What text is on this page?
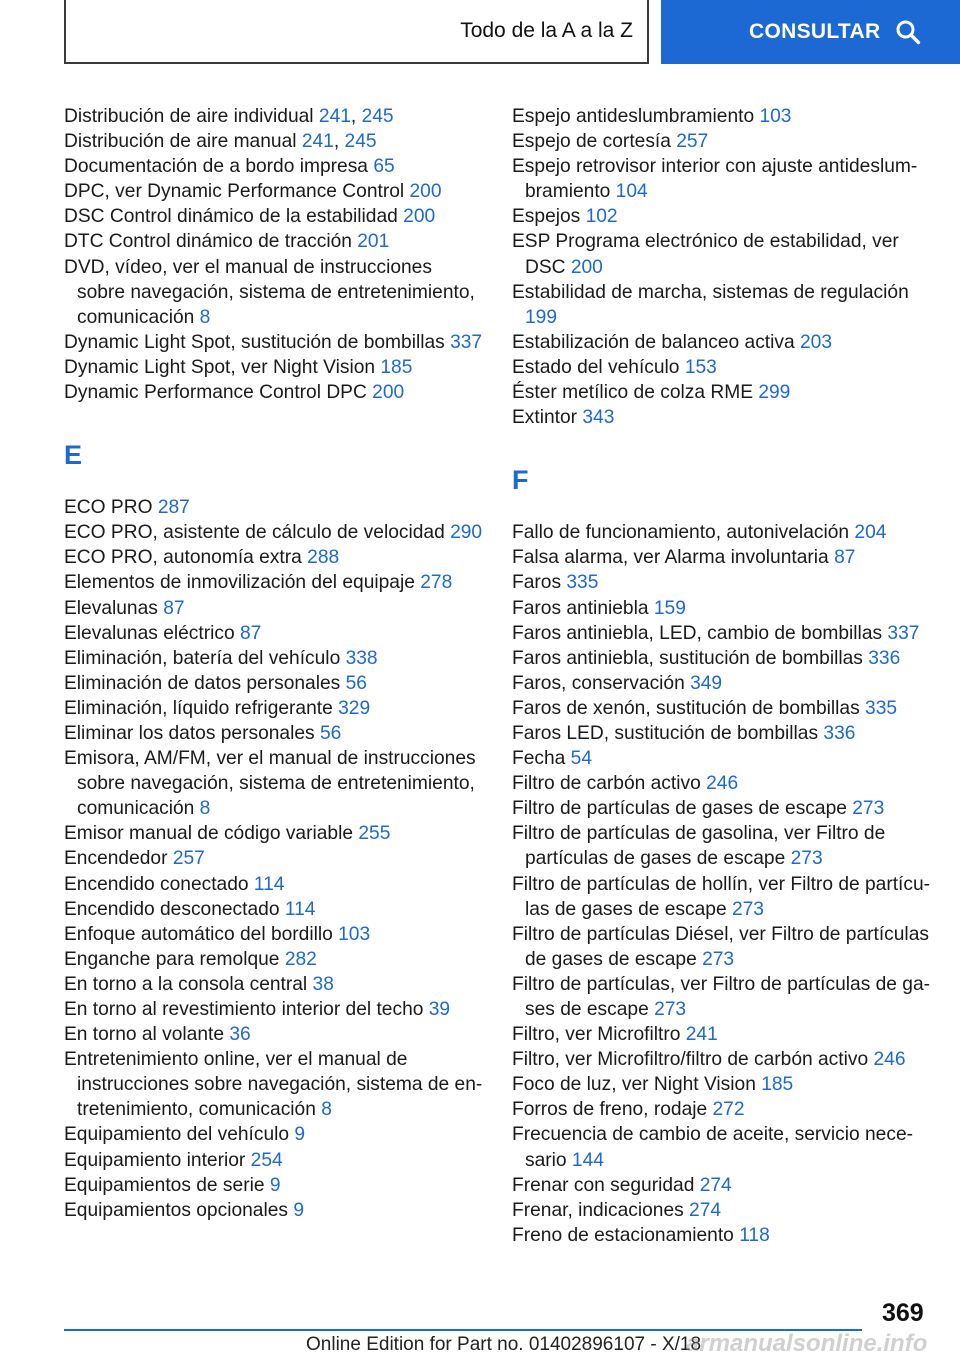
Todo de la A a la Z	CONSULTAR
Distribución de aire individual 241, 245
Distribución de aire manual 241, 245
Documentación de a bordo impresa 65
DPC, ver Dynamic Performance Control 200
DSC Control dinámico de la estabilidad 200
DTC Control dinámico de tracción 201
DVD, vídeo, ver el manual de instrucciones sobre navegación, sistema de entretenimiento, comunicación 8
Dynamic Light Spot, sustitución de bombillas 337
Dynamic Light Spot, ver Night Vision 185
Dynamic Performance Control DPC 200
E
ECO PRO 287
ECO PRO, asistente de cálculo de velocidad 290
ECO PRO, autonomía extra 288
Elementos de inmovilización del equipaje 278
Elevalunas 87
Elevalunas eléctrico 87
Eliminación, batería del vehículo 338
Eliminación de datos personales 56
Eliminación, líquido refrigerante 329
Eliminar los datos personales 56
Emisora, AM/FM, ver el manual de instrucciones sobre navegación, sistema de entretenimiento, comunicación 8
Emisor manual de código variable 255
Encendedor 257
Encendido conectado 114
Encendido desconectado 114
Enfoque automático del bordillo 103
Enganche para remolque 282
En torno a la consola central 38
En torno al revestimiento interior del techo 39
En torno al volante 36
Entretenimiento online, ver el manual de instrucciones sobre navegación, sistema de entretenimiento, comunicación 8
Equipamiento del vehículo 9
Equipamiento interior 254
Equipamientos de serie 9
Equipamientos opcionales 9
Espejo antideslumbramiento 103
Espejo de cortesía 257
Espejo retrovisor interior con ajuste antideslumbramiento 104
Espejos 102
ESP Programa electrónico de estabilidad, ver DSC 200
Estabilidad de marcha, sistemas de regulación 199
Estabilización de balanceo activa 203
Estado del vehículo 153
Éster metílico de colza RME 299
Extintor 343
F
Fallo de funcionamiento, autonivelación 204
Falsa alarma, ver Alarma involuntaria 87
Faros 335
Faros antiniebla 159
Faros antiniebla, LED, cambio de bombillas 337
Faros antiniebla, sustitución de bombillas 336
Faros, conservación 349
Faros de xenón, sustitución de bombillas 335
Faros LED, sustitución de bombillas 336
Fecha 54
Filtro de carbón activo 246
Filtro de partículas de gases de escape 273
Filtro de partículas de gasolina, ver Filtro de partículas de gases de escape 273
Filtro de partículas de hollín, ver Filtro de partículas de gases de escape 273
Filtro de partículas Diésel, ver Filtro de partículas de gases de escape 273
Filtro de partículas, ver Filtro de partículas de gases de escape 273
Filtro, ver Microfiltro 241
Filtro, ver Microfiltro/filtro de carbón activo 246
Foco de luz, ver Night Vision 185
Forros de freno, rodaje 272
Frecuencia de cambio de aceite, servicio necesario 144
Frenar con seguridad 274
Frenar, indicaciones 274
Freno de estacionamiento 118
369
Online Edition for Part no. 01402896107 - X/18
armanualsonline.info
